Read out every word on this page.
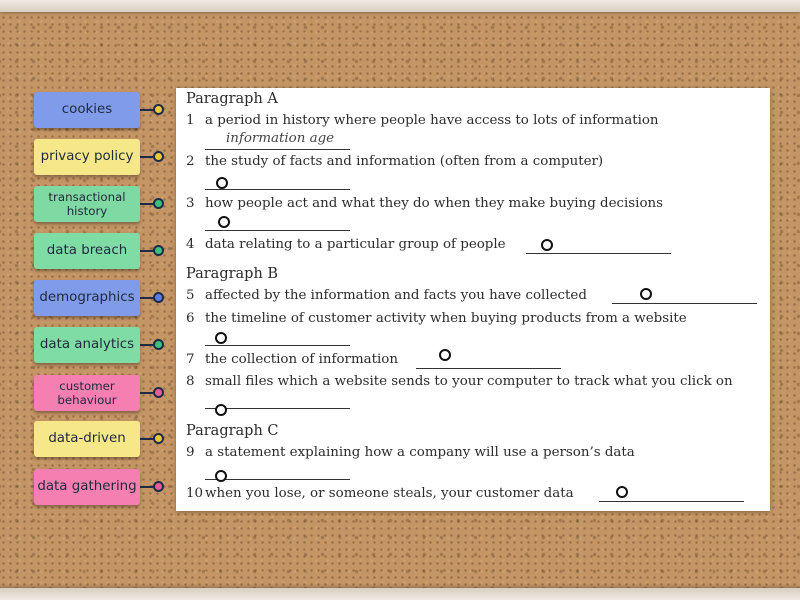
cookies
privacy policy
transactional history
data breach
demographics
data analytics
customer behaviour
data-driven
data gathering
Paragraph A
1 a period in history where people have access to lots of information
information age
2 the study of facts and information (often from a computer)
3 how people act and what they do when they make buying decisions
4 data relating to a particular group of people
Paragraph B
5 affected by the information and facts you have collected
6 the timeline of customer activity when buying products from a website
7 the collection of information
8 small files which a website sends to your computer to track what you click on
Paragraph C
9 a statement explaining how a company will use a person’s data
10 when you lose, or someone steals, your customer data
